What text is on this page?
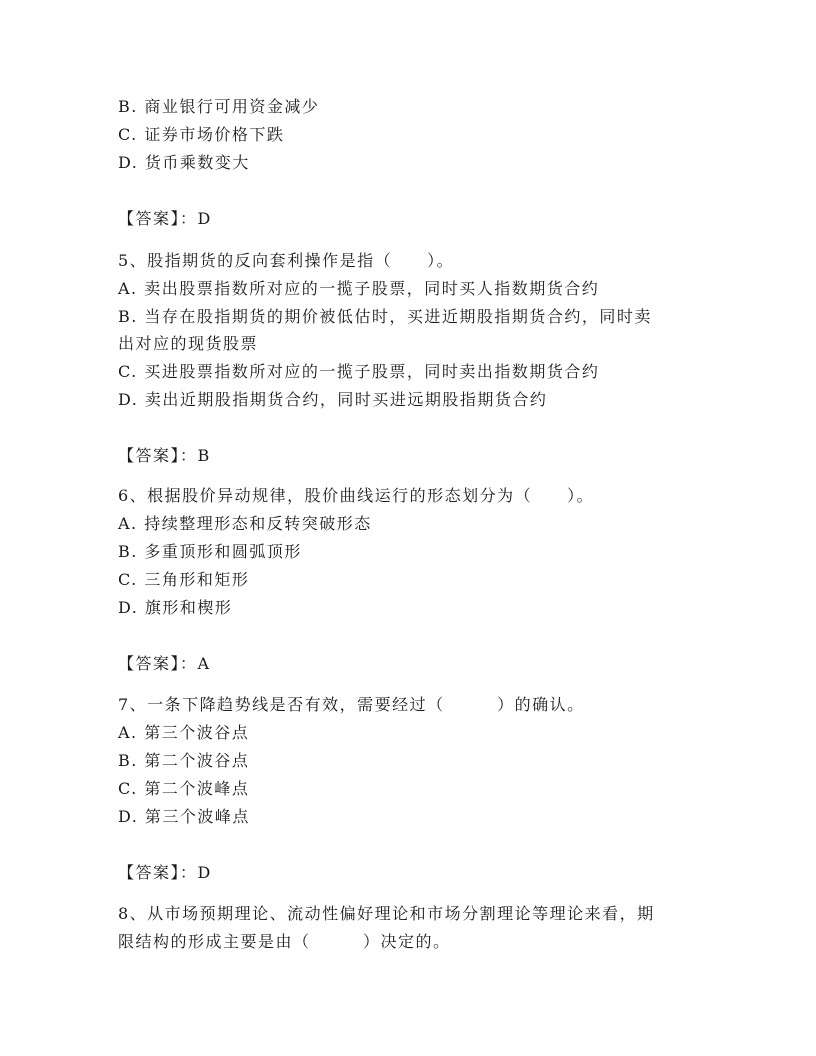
B. 商业银行可用资金减少
C. 证券市场价格下跌
D. 货币乘数变大
【答案】：D
5、股指期货的反向套利操作是指（　　）。
A. 卖出股票指数所对应的一揽子股票，同时买人指数期货合约
B. 当存在股指期货的期价被低估时，买进近期股指期货合约，同时卖
出对应的现货股票
C. 买进股票指数所对应的一揽子股票，同时卖出指数期货合约
D. 卖出近期股指期货合约，同时买进远期股指期货合约
【答案】：B
6、根据股价异动规律，股价曲线运行的形态划分为（　　）。
A. 持续整理形态和反转突破形态
B. 多重顶形和圆弧顶形
C. 三角形和矩形
D. 旗形和楔形
【答案】：A
7、一条下降趋势线是否有效，需要经过（　　　）的确认。
A. 第三个波谷点
B. 第二个波谷点
C. 第二个波峰点
D. 第三个波峰点
【答案】：D
8、从市场预期理论、流动性偏好理论和市场分割理论等理论来看，期
限结构的形成主要是由（　　　）决定的。
